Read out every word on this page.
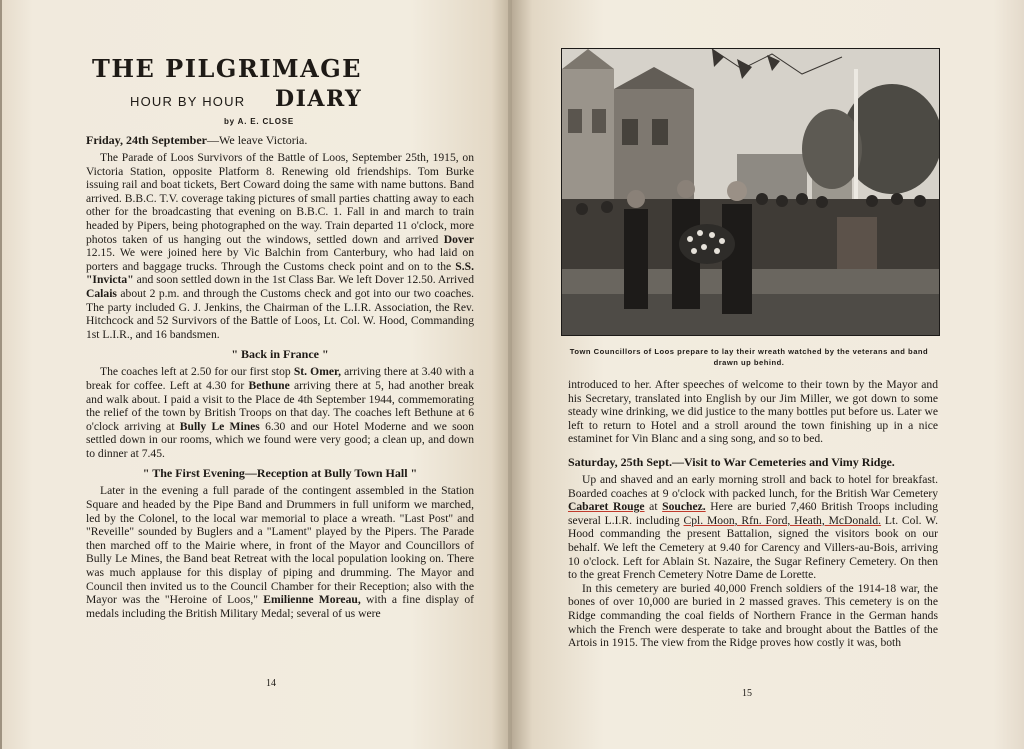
THE PILGRIMAGE
HOUR BY HOUR DIARY
by A. E. CLOSE

Friday, 24th September—We leave Victoria.

The Parade of Loos Survivors of the Battle of Loos, September 25th, 1915, on Victoria Station, opposite Platform 8. Renewing old friendships. Tom Burke issuing rail and boat tickets, Bert Coward doing the same with name buttons. Band arrived. B.B.C. T.V. coverage taking pictures of small parties chatting away to each other for the broadcasting that evening on B.B.C. 1. Fall in and march to train headed by Pipers, being photographed on the way. Train departed 11 o'clock, more photos taken of us hanging out the windows, settled down and arrived Dover 12.15. We were joined here by Vic Balchin from Canterbury, who had laid on porters and baggage trucks. Through the Customs check point and on to the S.S. "Invicta" and soon settled down in the 1st Class Bar. We left Dover 12.50. Arrived Calais about 2 p.m. and through the Customs check and got into our two coaches. The party included G. J. Jenkins, the Chairman of the L.I.R. Association, the Rev. Hitchcock and 52 Survivors of the Battle of Loos, Lt. Col. W. Hood, Commanding 1st L.I.R., and 16 bandsmen.

" Back in France "

The coaches left at 2.50 for our first stop St. Omer, arriving there at 3.40 with a break for coffee. Left at 4.30 for Bethune arriving there at 5, had another break and walk about. I paid a visit to the Place de 4th September 1944, commemorating the relief of the town by British Troops on that day. The coaches left Bethune at 6 o'clock arriving at Bully Le Mines 6.30 and our Hotel Moderne and we soon settled down in our rooms, which we found were very good; a clean up, and down to dinner at 7.45.

" The First Evening—Reception at Bully Town Hall "

Later in the evening a full parade of the contingent assembled in the Station Square and headed by the Pipe Band and Drummers in full uniform we marched, led by the Colonel, to the local war memorial to place a wreath. "Last Post" and "Reveille" sounded by Buglers and a "Lament" played by the Pipers. The Parade then marched off to the Mairie where, in front of the Mayor and Councillors of Bully Le Mines, the Band beat Retreat with the local population looking on. There was much applause for this display of piping and drumming. The Mayor and Council then invited us to the Council Chamber for their Reception; also with the Mayor was the "Heroine of Loos," Emilienne Moreau, with a fine display of medals including the British Military Medal; several of us were

14
Town Councillors of Loos prepare to lay their wreath watched by the veterans and band drawn up behind.

introduced to her. After speeches of welcome to their town by the Mayor and his Secretary, translated into English by our Jim Miller, we got down to some steady wine drinking, we did justice to the many bottles put before us. Later we left to return to Hotel and a stroll around the town finishing up in a nice estaminet for Vin Blanc and a sing song, and so to bed.

Saturday, 25th Sept.—Visit to War Cemeteries and Vimy Ridge.

Up and shaved and an early morning stroll and back to hotel for breakfast. Boarded coaches at 9 o'clock with packed lunch, for the British War Cemetery Cabaret Rouge at Souchez. Here are buried 7,460 British Troops including several L.I.R. including Cpl. Moon, Rfn. Ford, Heath, McDonald. Lt. Col. W. Hood commanding the present Battalion, signed the visitors book on our behalf. We left the Cemetery at 9.40 for Carency and Villers-au-Bois, arriving 10 o'clock. Left for Ablain St. Nazaire, the Sugar Refinery Cemetery. On then to the great French Cemetery Notre Dame de Lorette.

In this cemetery are buried 40,000 French soldiers of the 1914-18 war, the bones of over 10,000 are buried in 2 massed graves. This cemetery is on the Ridge commanding the coal fields of Northern France in the German hands which the French were desperate to take and brought about the Battles of the Artois in 1915. The view from the Ridge proves how costly it was, both

15
